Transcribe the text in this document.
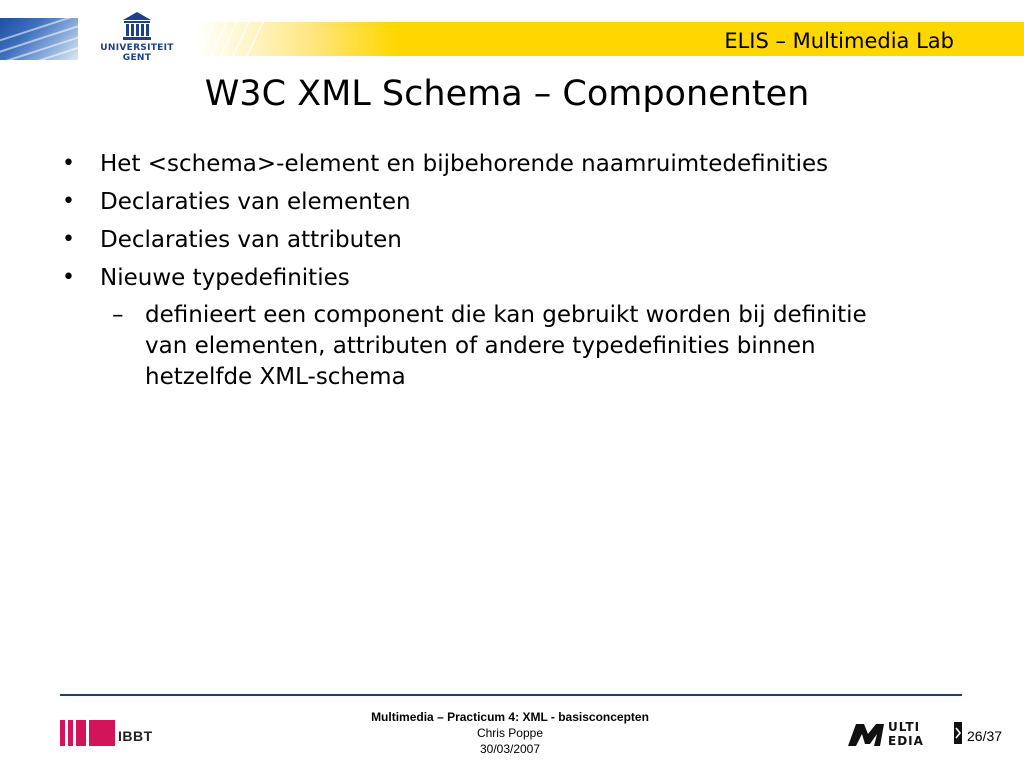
ELIS – Multimedia Lab
UNIVERSITEIT
GENT
W3C XML Schema – Componenten
• Het <schema>-element en bijbehorende naamruimtedefinities
• Declaraties van elementen
• Declaraties van attributen
• Nieuwe typedefinities
– definieert een component die kan gebruikt worden bij definitie
van elementen, attributen of andere typedefinities binnen
hetzelfde XML-schema
IBBT
Multimedia – Practicum 4: XML - basisconcepten
Chris Poppe
30/03/2007
ULTI
EDIA	26/37
